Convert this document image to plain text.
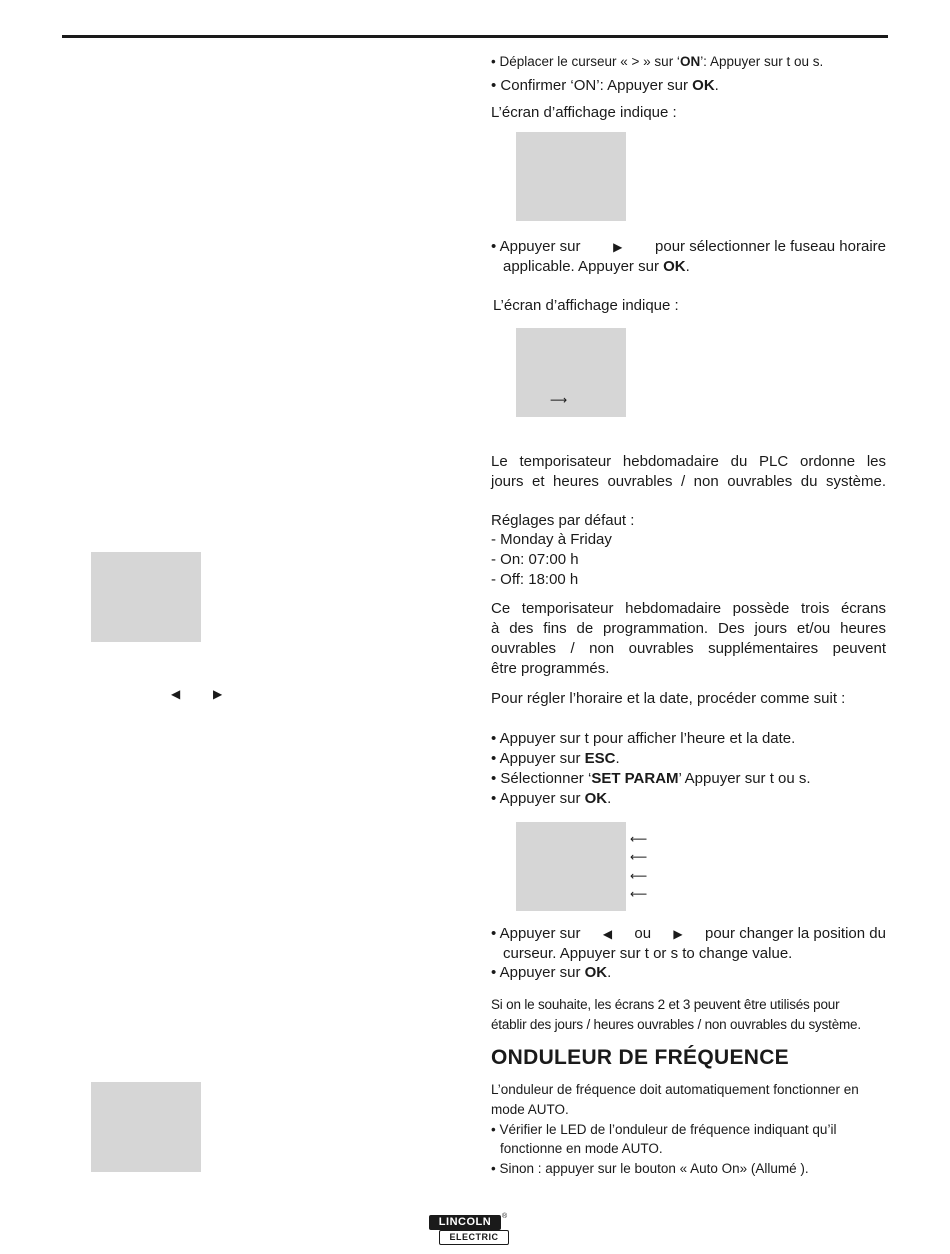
◀	▶
• Déplacer le curseur « > » sur ‘ON’: Appuyer sur t ou s.
• Confirmer ‘ON’: Appuyer sur OK.
L’écran d’affichage indique :
• Appuyer sur	▶ pour sélectionner le fuseau horaire
applicable. Appuyer sur OK.
L’écran d’affichage indique :
⟶
Le temporisateur hebdomadaire du PLC ordonne les
jours et heures ouvrables / non ouvrables du système.
Réglages par défaut :
- Monday à Friday
- On: 07:00 h
- Off: 18:00 h
Ce temporisateur hebdomadaire possède trois écrans
à des fins de programmation. Des jours et/ou heures
ouvrables / non ouvrables supplémentaires peuvent
être programmés.
Pour régler l’horaire et la date, procéder comme suit :
• Appuyer sur t pour afficher l’heure et la date.
• Appuyer sur ESC.
• Sélectionner ‘SET PARAM’ Appuyer sur t ou s.
• Appuyer sur OK.
⟵
⟵
⟵
⟵
• Appuyer sur ◀ ou ▶ pour changer la position du
curseur. Appuyer sur t or s to change value.
• Appuyer sur OK.
Si on le souhaite, les écrans 2 et 3 peuvent être utilisés pour
établir des jours / heures ouvrables / non ouvrables du système.
ONDULEUR DE FRÉQUENCE
L’onduleur de fréquence doit automatiquement fonctionner en
mode AUTO.
• Vérifier le LED de l’onduleur de fréquence indiquant qu’il
fonctionne en mode AUTO.
• Sinon : appuyer sur le bouton « Auto On» (Allumé ).
LINCOLN	®
ELECTRIC
